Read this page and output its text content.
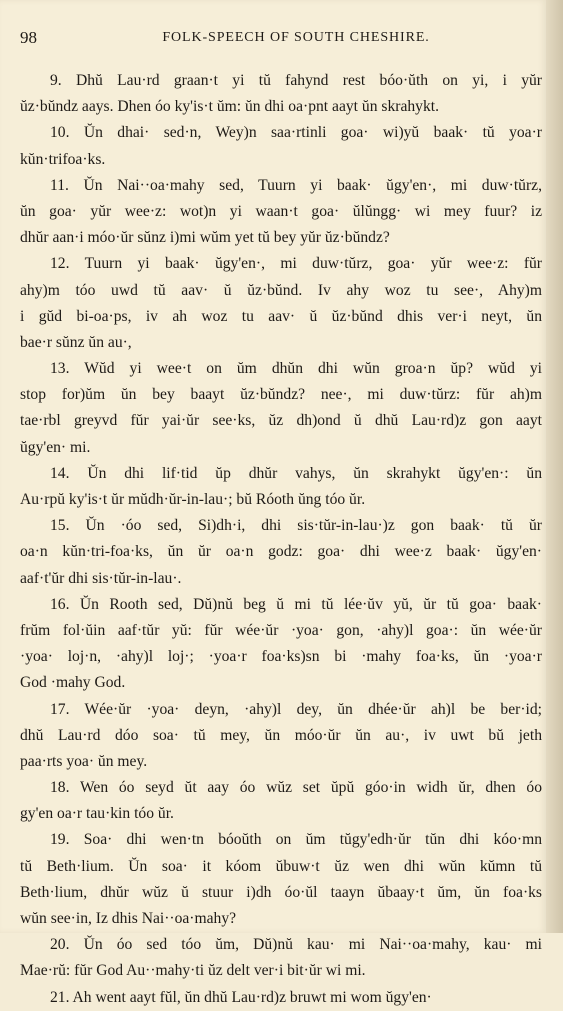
98	FOLK-SPEECH OF SOUTH CHESHIRE.
9. Dhŭ Lau·rd graan·t yi tŭ fahynd rest bóo·ŭth on yi, i yŭr
ŭz·bŭndz aays. Dhen óo ky'is·t ŭm: ŭn dhi oa·pnt aayt ŭn skrahykt.
10. Ŭn dhai· sed·n, Wey)n saa·rtinli goa· wi)yŭ baak· tŭ yoa·r
kŭn·trifoa·ks.
11. Ŭn Nai··oa·mahy sed, Tuurn yi baak· ŭgy'en·, mi duw·tŭrz,
ŭn goa· yŭr wee·z: wot)n yi waan·t goa· ŭlŭngg· wi mey fuur? iz
dhŭr aan·i móo·ŭr sŭnz i)mi wŭm yet tŭ bey yŭr ŭz·bŭndz?
12. Tuurn yi baak· ŭgy'en·, mi duw·tŭrz, goa· yŭr wee·z: fŭr
ahy)m tóo uwd tŭ aav· ŭ ŭz·bŭnd. Iv ahy woz tu see·, Ahy)m
i gŭd bi-oa·ps, iv ah woz tu aav· ŭ ŭz·bŭnd dhis ver·i neyt, ŭn
bae·r sŭnz ŭn au·,
13. Wŭd yi wee·t on ŭm dhŭn dhi wŭn groa·n ŭp? wŭd yi
stop for)ŭm ŭn bey baayt ŭz·bŭndz? nee·, mi duw·tŭrz: fŭr ah)m
tae·rbl greyvd fŭr yai·ŭr see·ks, ŭz dh)ond ŭ dhŭ Lau·rd)z gon aayt
ŭgy'en· mi.
14. Ŭn dhi lif·tid ŭp dhŭr vahys, ŭn skrahykt ŭgy'en·: ŭn
Au·rpŭ ky'is·t ŭr mŭdh·ŭr-in-lau·; bŭ Róoth ŭng tóo ŭr.
15. Ŭn ·óo sed, Si)dh·i, dhi sis·tŭr-in-lau·)z gon baak· tŭ ŭr
oa·n kŭn·tri-foa·ks, ŭn ŭr oa·n godz: goa· dhi wee·z baak· ŭgy'en·
aaf·t'ŭr dhi sis·tŭr-in-lau·.
16. Ŭn Rooth sed, Dŭ)nŭ beg ŭ mi tŭ lée·ŭv yŭ, ŭr tŭ goa· baak·
frŭm fol·ŭin aaf·tŭr yŭ: fŭr wée·ŭr ·yoa· gon, ·ahy)l goa·: ŭn wée·ŭr
·yoa· loj·n, ·ahy)l loj·; ·yoa·r foa·ks)sn bi ·mahy foa·ks, ŭn ·yoa·r
God ·mahy God.
17. Wée·ŭr ·yoa· deyn, ·ahy)l dey, ŭn dhée·ŭr ah)l be ber·id;
dhŭ Lau·rd dóo soa· tŭ mey, ŭn móo·ŭr ŭn au·, iv uwt bŭ jeth
paa·rts yoa· ŭn mey.
18. Wen óo seyd ŭt aay óo wŭz set ŭpŭ góo·in widh ŭr, dhen óo
gy'en oa·r tau·kin tóo ŭr.
19. Soa· dhi wen·tn bóoŭth on ŭm tŭgy'edh·ŭr tŭn dhi kóo·mn
tŭ Beth·lium. Ŭn soa· it kóom ŭbuw·t ŭz wen dhi wŭn kŭmn tŭ
Beth·lium, dhŭr wŭz ŭ stuur i)dh óo·ŭl taayn ŭbaay·t ŭm, ŭn foa·ks
wŭn see·in, Iz dhis Nai··oa·mahy?
20. Ŭn óo sed tóo ŭm, Dŭ)nŭ kau· mi Nai··oa·mahy, kau· mi
Mae·rŭ: fŭr God Au··mahy·ti ŭz delt ver·i bit·ŭr wi mi.
21. Ah went aayt fŭl, ŭn dhŭ Lau·rd)z bruwt mi wom ŭgy'en·
